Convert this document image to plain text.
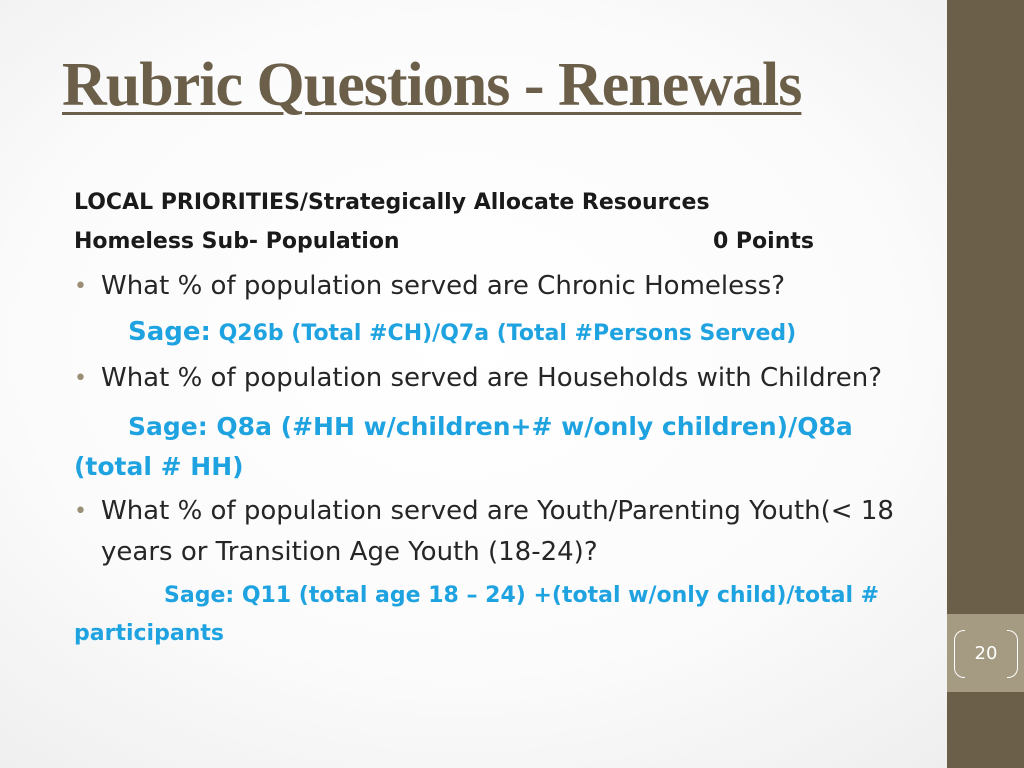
20
Rubric Questions - Renewals
LOCAL PRIORITIES/Strategically Allocate Resources
Homeless Sub- Population	0 Points
• What % of population served are Chronic Homeless?
Sage: Q26b (Total #CH)/Q7a (Total #Persons Served)
• What % of population served are Households with Children?
Sage: Q8a (#HH w/children+# w/only children)/Q8a (total # HH)
• What % of population served are Youth/Parenting Youth(< 18 years or Transition Age Youth (18-24)?
Sage: Q11 (total age 18 – 24) +(total w/only child)/total # participants
